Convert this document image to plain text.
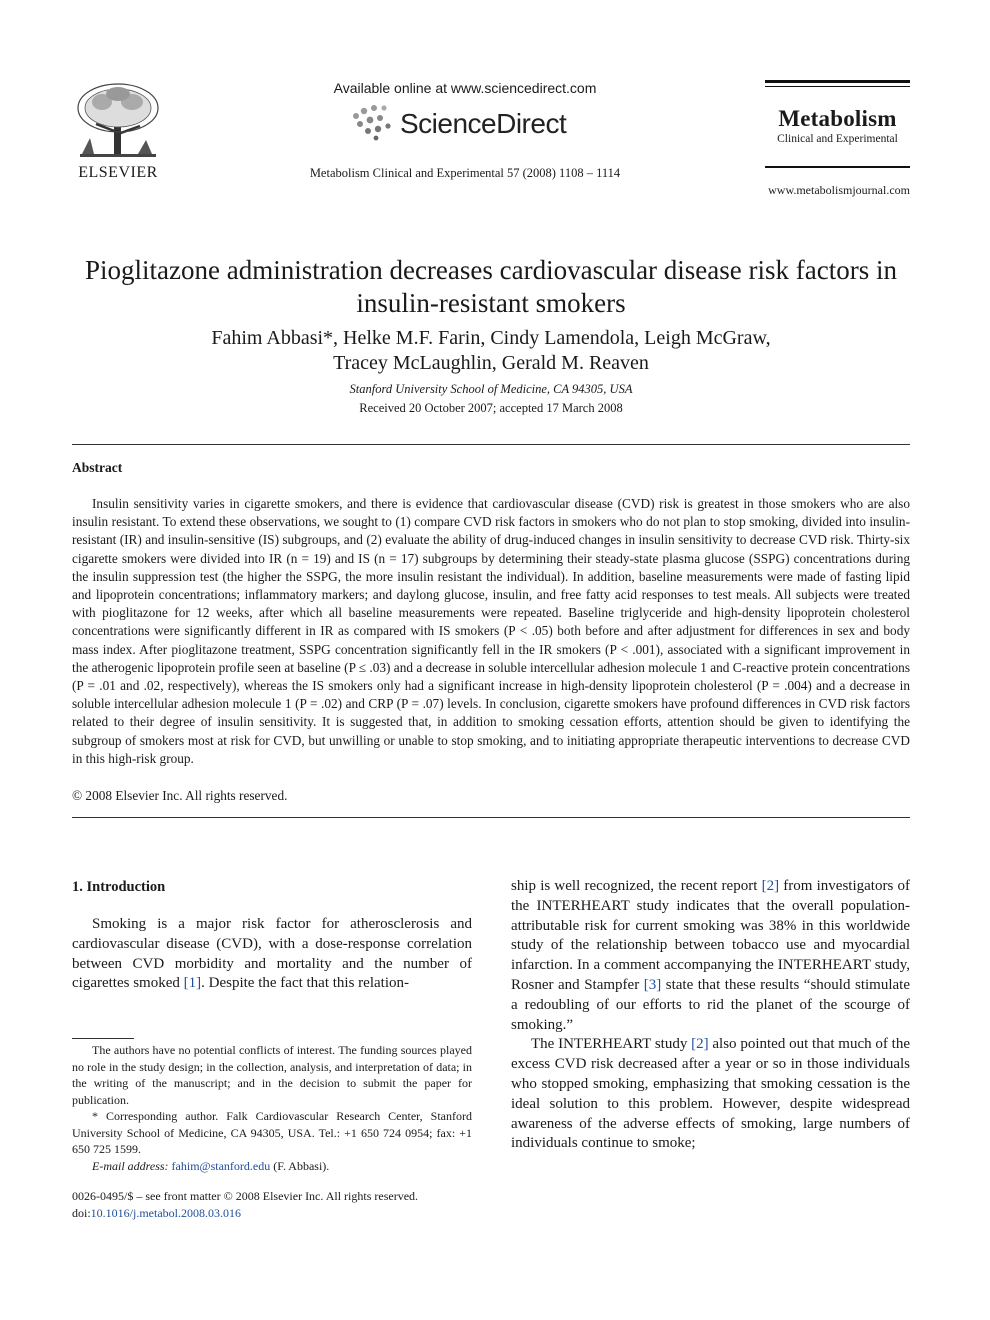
ELSEVIER
Available online at www.sciencedirect.com
ScienceDirect
Metabolism Clinical and Experimental 57 (2008) 1108 – 1114
Metabolism
Clinical and Experimental
www.metabolismjournal.com
Pioglitazone administration decreases cardiovascular disease risk factors in insulin-resistant smokers
Fahim Abbasi*, Helke M.F. Farin, Cindy Lamendola, Leigh McGraw,
Tracey McLaughlin, Gerald M. Reaven
Stanford University School of Medicine, CA 94305, USA
Received 20 October 2007; accepted 17 March 2008
Abstract
Insulin sensitivity varies in cigarette smokers, and there is evidence that cardiovascular disease (CVD) risk is greatest in those smokers who are also insulin resistant. To extend these observations, we sought to (1) compare CVD risk factors in smokers who do not plan to stop smoking, divided into insulin-resistant (IR) and insulin-sensitive (IS) subgroups, and (2) evaluate the ability of drug-induced changes in insulin sensitivity to decrease CVD risk. Thirty-six cigarette smokers were divided into IR (n = 19) and IS (n = 17) subgroups by determining their steady-state plasma glucose (SSPG) concentrations during the insulin suppression test (the higher the SSPG, the more insulin resistant the individual). In addition, baseline measurements were made of fasting lipid and lipoprotein concentrations; inflammatory markers; and daylong glucose, insulin, and free fatty acid responses to test meals. All subjects were treated with pioglitazone for 12 weeks, after which all baseline measurements were repeated. Baseline triglyceride and high-density lipoprotein cholesterol concentrations were significantly different in IR as compared with IS smokers (P < .05) both before and after adjustment for differences in sex and body mass index. After pioglitazone treatment, SSPG concentration significantly fell in the IR smokers (P < .001), associated with a significant improvement in the atherogenic lipoprotein profile seen at baseline (P ≤ .03) and a decrease in soluble intercellular adhesion molecule 1 and C-reactive protein concentrations (P = .01 and .02, respectively), whereas the IS smokers only had a significant increase in high-density lipoprotein cholesterol (P = .004) and a decrease in soluble intercellular adhesion molecule 1 (P = .02) and CRP (P = .07) levels. In conclusion, cigarette smokers have profound differences in CVD risk factors related to their degree of insulin sensitivity. It is suggested that, in addition to smoking cessation efforts, attention should be given to identifying the subgroup of smokers most at risk for CVD, but unwilling or unable to stop smoking, and to initiating appropriate therapeutic interventions to decrease CVD in this high-risk group.
© 2008 Elsevier Inc. All rights reserved.
1. Introduction

Smoking is a major risk factor for atherosclerosis and cardiovascular disease (CVD), with a dose-response correlation between CVD morbidity and mortality and the number of cigarettes smoked [1]. Despite the fact that this relation-

ship is well recognized, the recent report [2] from investigators of the INTERHEART study indicates that the overall population-attributable risk for current smoking was 38% in this worldwide study of the relationship between tobacco use and myocardial infarction. In a comment accompanying the INTERHEART study, Rosner and Stampfer [3] state that these results “should stimulate a redoubling of our efforts to rid the planet of the scourge of smoking.”

The INTERHEART study [2] also pointed out that much of the excess CVD risk decreased after a year or so in those individuals who stopped smoking, emphasizing that smoking cessation is the ideal solution to this problem. However, despite widespread awareness of the adverse effects of smoking, large numbers of individuals continue to smoke;

The authors have no potential conflicts of interest. The funding sources played no role in the study design; in the collection, analysis, and interpretation of data; in the writing of the manuscript; and in the decision to submit the paper for publication.
* Corresponding author. Falk Cardiovascular Research Center, Stanford University School of Medicine, CA 94305, USA. Tel.: +1 650 724 0954; fax: +1 650 725 1599.
E-mail address: fahim@stanford.edu (F. Abbasi).
0026-0495/$ – see front matter © 2008 Elsevier Inc. All rights reserved.
doi:10.1016/j.metabol.2008.03.016
